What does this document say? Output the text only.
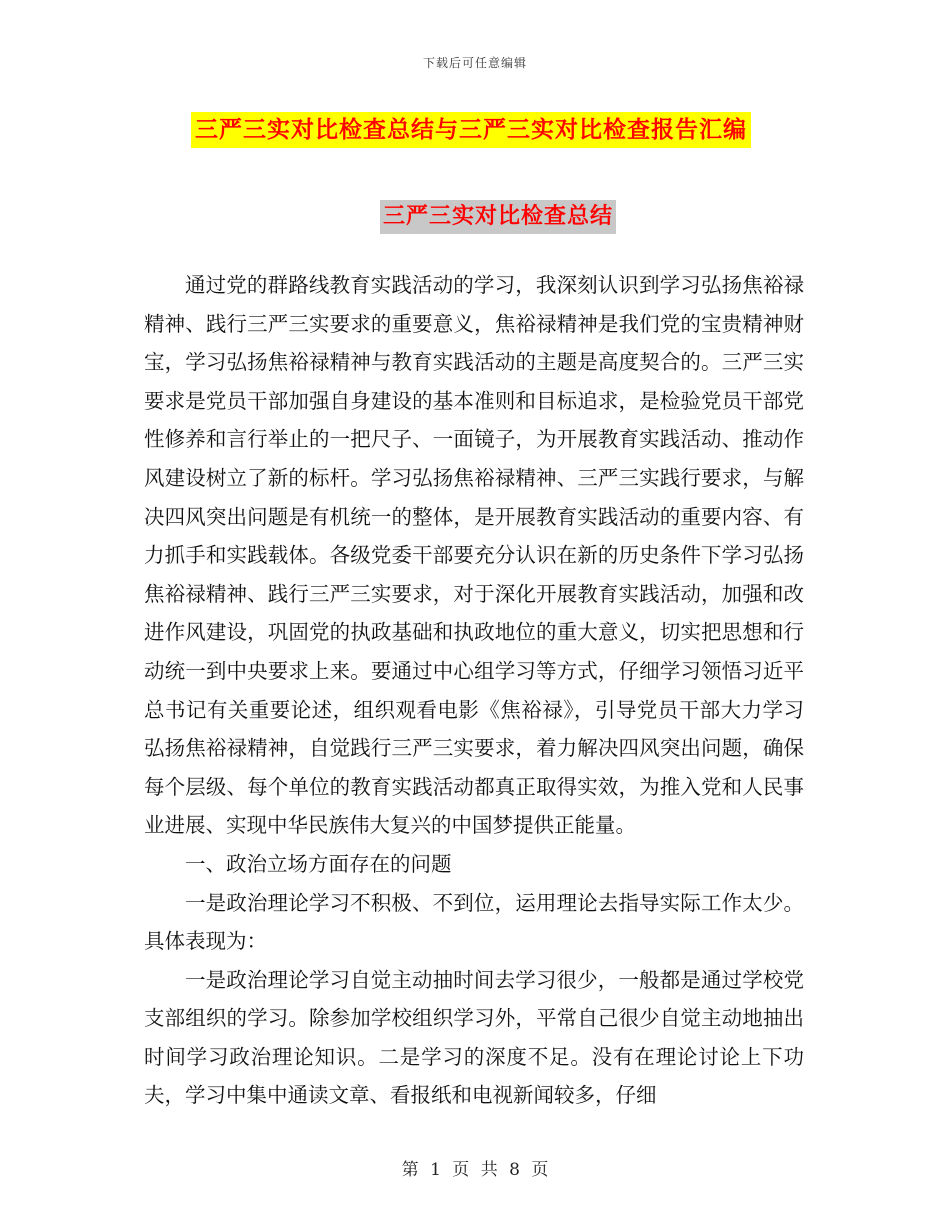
下载后可任意编辑
三严三实对比检查总结与三严三实对比检查报告汇编
三严三实对比检查总结

通过党的群路线教育实践活动的学习，我深刻认识到学习弘扬焦裕禄精神、践行三严三实要求的重要意义，焦裕禄精神是我们党的宝贵精神财宝，学习弘扬焦裕禄精神与教育实践活动的主题是高度契合的。三严三实要求是党员干部加强自身建设的基本准则和目标追求，是检验党员干部党性修养和言行举止的一把尺子、一面镜子，为开展教育实践活动、推动作风建设树立了新的标杆。学习弘扬焦裕禄精神、三严三实践行要求，与解决四风突出问题是有机统一的整体，是开展教育实践活动的重要内容、有力抓手和实践载体。各级党委干部要充分认识在新的历史条件下学习弘扬焦裕禄精神、践行三严三实要求，对于深化开展教育实践活动，加强和改进作风建设，巩固党的执政基础和执政地位的重大意义，切实把思想和行动统一到中央要求上来。要通过中心组学习等方式，仔细学习领悟习近平总书记有关重要论述，组织观看电影《焦裕禄》，引导党员干部大力学习弘扬焦裕禄精神，自觉践行三严三实要求，着力解决四风突出问题，确保每个层级、每个单位的教育实践活动都真正取得实效，为推入党和人民事业进展、实现中华民族伟大复兴的中国梦提供正能量。

一、政治立场方面存在的问题

一是政治理论学习不积极、不到位，运用理论去指导实际工作太少。具体表现为：

一是政治理论学习自觉主动抽时间去学习很少，一般都是通过学校党支部组织的学习。除参加学校组织学习外，平常自己很少自觉主动地抽出时间学习政治理论知识。二是学习的深度不足。没有在理论讨论上下功夫，学习中集中通读文章、看报纸和电视新闻较多，仔细

第 1 页 共 8 页
